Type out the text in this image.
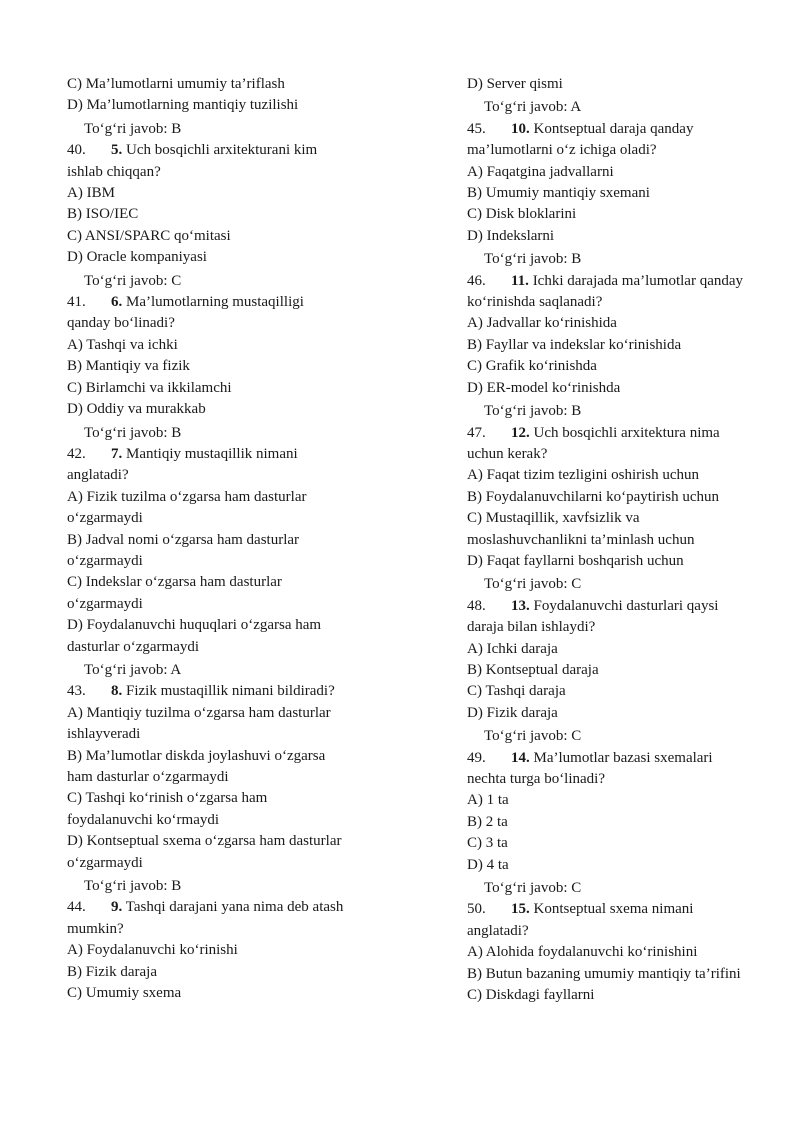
C) Ma’lumotlarni umumiy ta’riflash
D) Ma’lumotlarning mantiqiy tuzilishi
To‘g‘ri javob: B
40. 5. Uch bosqichli arxitekturani kim
ishlab chiqqan?
A) IBM
B) ISO/IEC
C) ANSI/SPARC qo‘mitasi
D) Oracle kompaniyasi
To‘g‘ri javob: C
41. 6. Ma’lumotlarning mustaqilligi
qanday bo‘linadi?
A) Tashqi va ichki
B) Mantiqiy va fizik
C) Birlamchi va ikkilamchi
D) Oddiy va murakkab
To‘g‘ri javob: B
42. 7. Mantiqiy mustaqillik nimani
anglatadi?
A) Fizik tuzilma o‘zgarsa ham dasturlar
o‘zgarmaydi
B) Jadval nomi o‘zgarsa ham dasturlar
o‘zgarmaydi
C) Indekslar o‘zgarsa ham dasturlar
o‘zgarmaydi
D) Foydalanuvchi huquqlari o‘zgarsa ham
dasturlar o‘zgarmaydi
To‘g‘ri javob: A
43. 8. Fizik mustaqillik nimani bildiradi?
A) Mantiqiy tuzilma o‘zgarsa ham dasturlar
ishlayveradi
B) Ma’lumotlar diskda joylashuvi o‘zgarsa
ham dasturlar o‘zgarmaydi
C) Tashqi ko‘rinish o‘zgarsa ham
foydalanuvchi ko‘rmaydi
D) Kontseptual sxema o‘zgarsa ham dasturlar
o‘zgarmaydi
To‘g‘ri javob: B
44. 9. Tashqi darajani yana nima deb atash
mumkin?
A) Foydalanuvchi ko‘rinishi
B) Fizik daraja
C) Umumiy sxema
D) Server qismi
To‘g‘ri javob: A
45. 10. Kontseptual daraja qanday
ma’lumotlarni o‘z ichiga oladi?
A) Faqatgina jadvallarni
B) Umumiy mantiqiy sxemani
C) Disk bloklarini
D) Indekslarni
To‘g‘ri javob: B
46. 11. Ichki darajada ma’lumotlar qanday
ko‘rinishda saqlanadi?
A) Jadvallar ko‘rinishida
B) Fayllar va indekslar ko‘rinishida
C) Grafik ko‘rinishda
D) ER-model ko‘rinishda
To‘g‘ri javob: B
47. 12. Uch bosqichli arxitektura nima
uchun kerak?
A) Faqat tizim tezligini oshirish uchun
B) Foydalanuvchilarni ko‘paytirish uchun
C) Mustaqillik, xavfsizlik va
moslashuvchanlikni ta’minlash uchun
D) Faqat fayllarni boshqarish uchun
To‘g‘ri javob: C
48. 13. Foydalanuvchi dasturlari qaysi
daraja bilan ishlaydi?
A) Ichki daraja
B) Kontseptual daraja
C) Tashqi daraja
D) Fizik daraja
To‘g‘ri javob: C
49. 14. Ma’lumotlar bazasi sxemalari
nechta turga bo‘linadi?
A) 1 ta
B) 2 ta
C) 3 ta
D) 4 ta
To‘g‘ri javob: C
50. 15. Kontseptual sxema nimani
anglatadi?
A) Alohida foydalanuvchi ko‘rinishini
B) Butun bazaning umumiy mantiqiy ta’rifini
C) Diskdagi fayllarni
